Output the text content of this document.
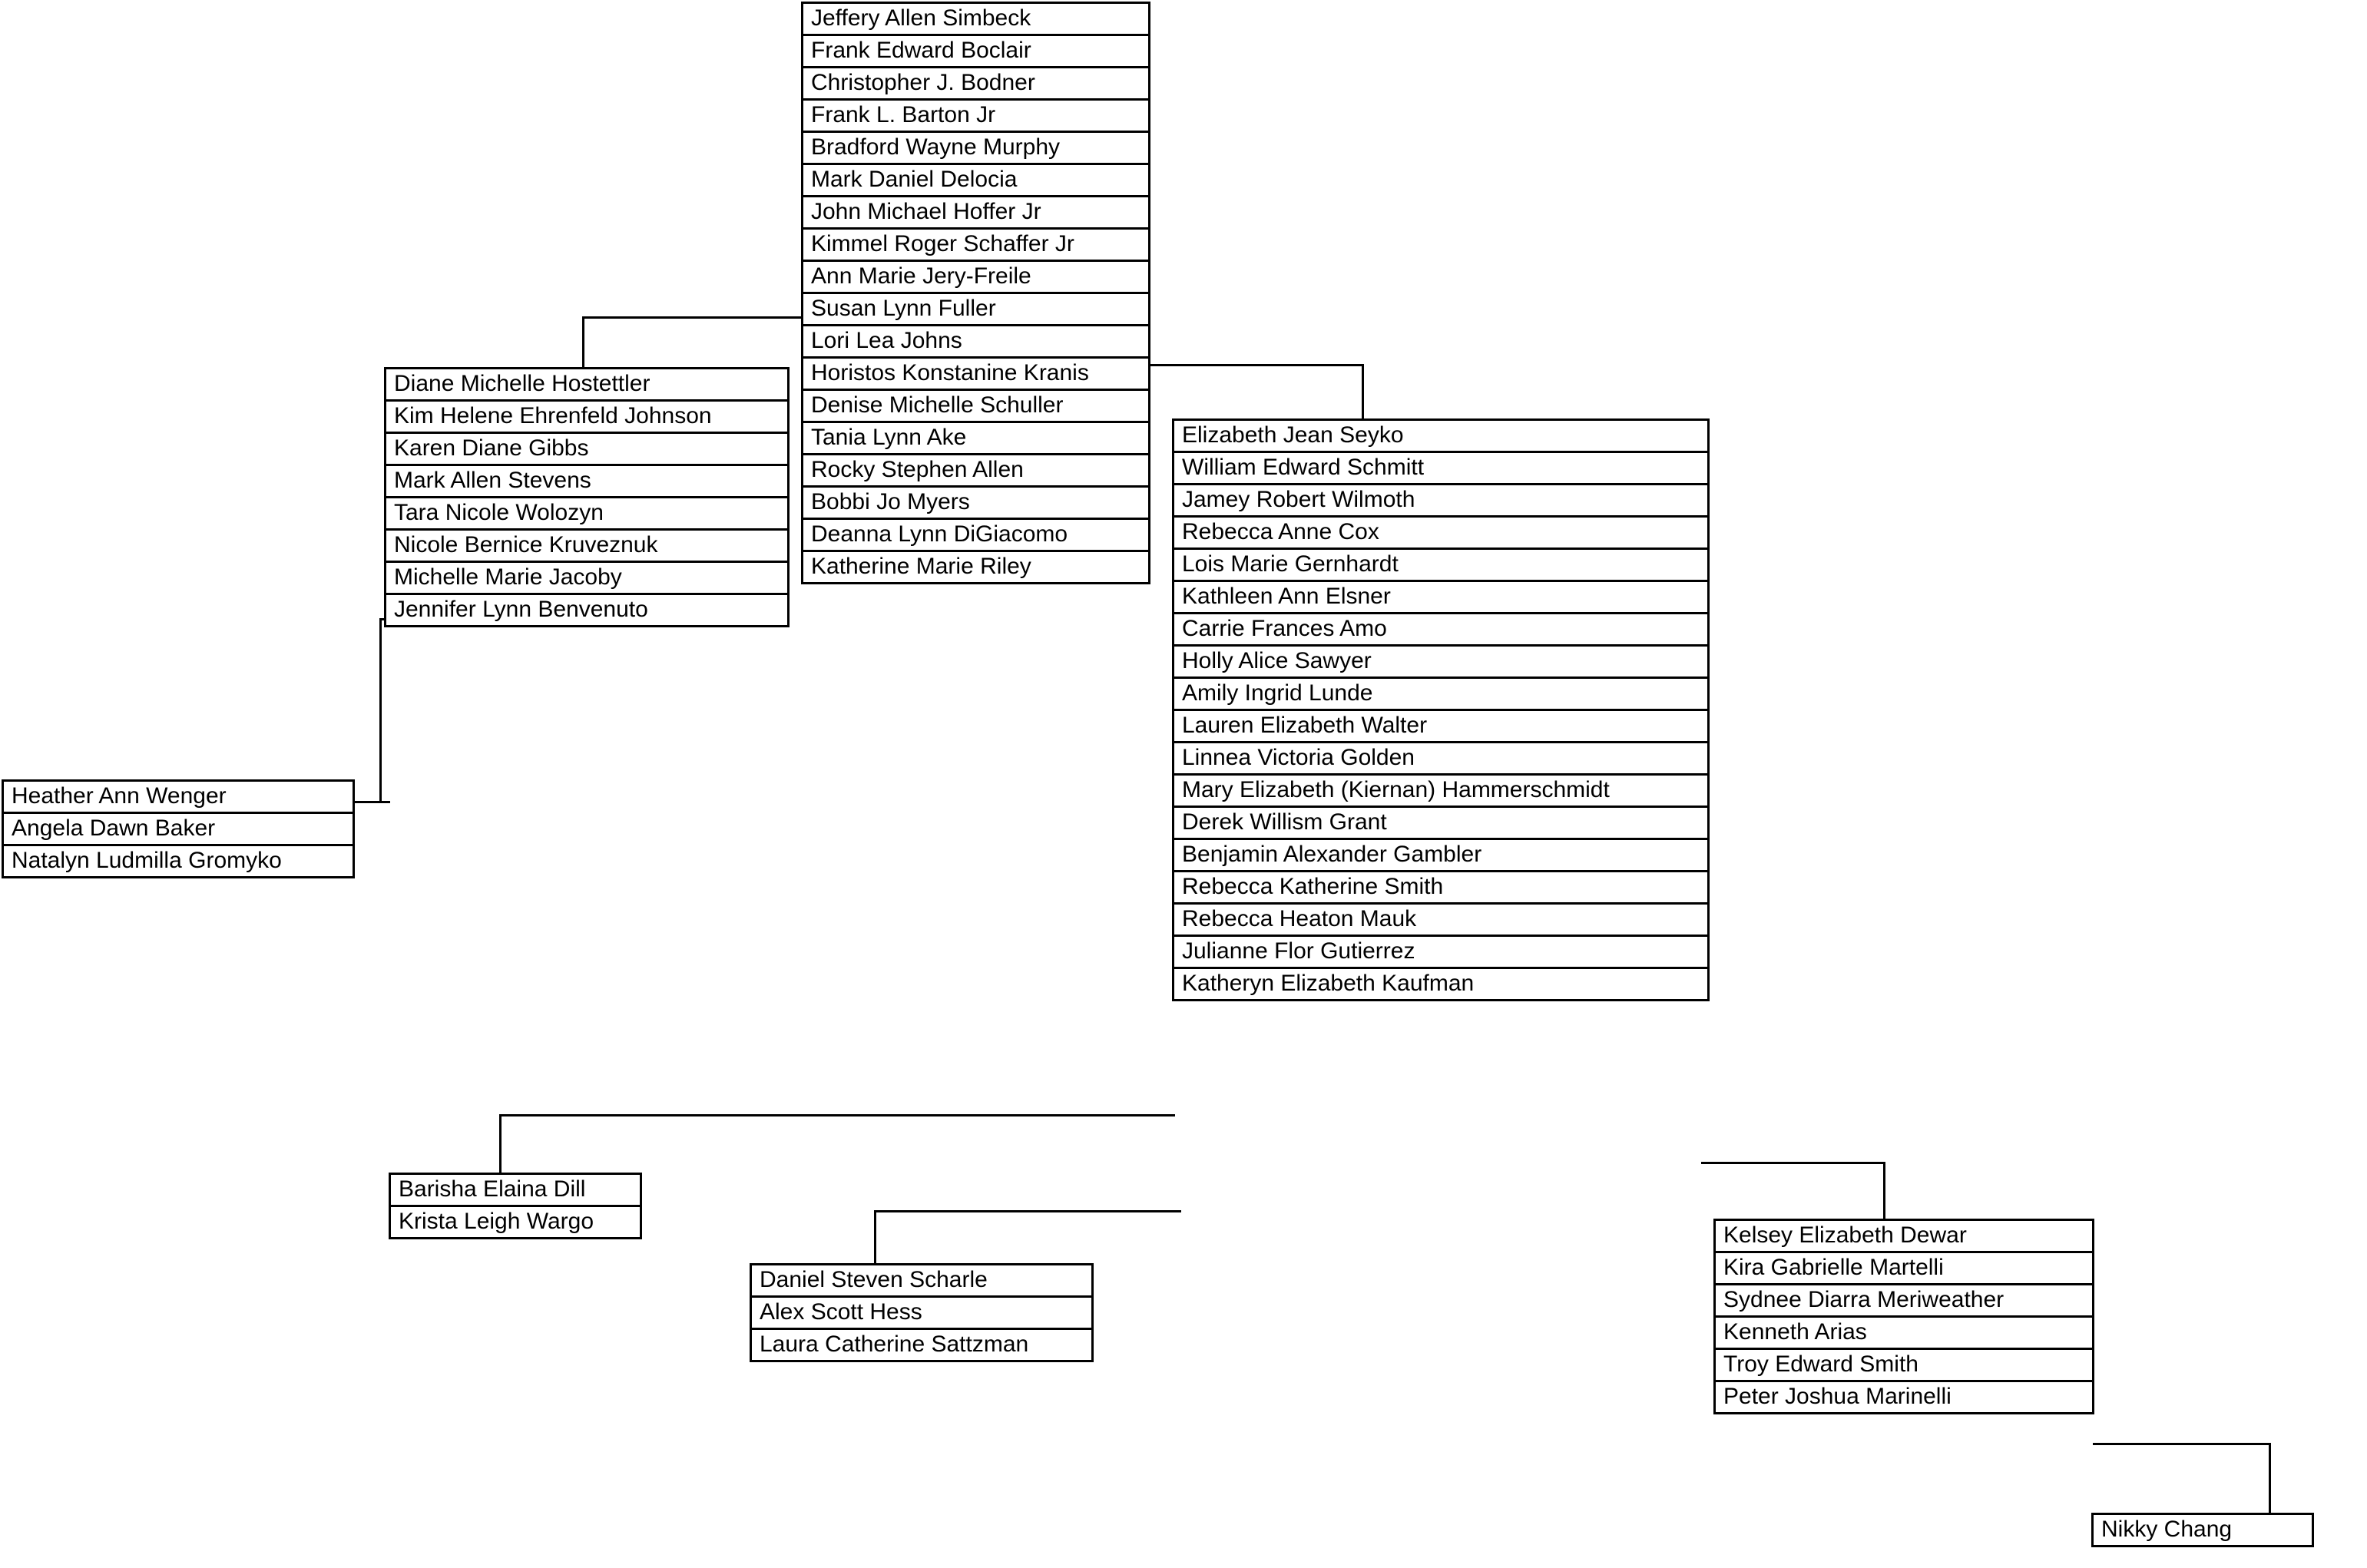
Jeffery Allen Simbeck
Frank Edward Boclair
Christopher J. Bodner
Frank L. Barton Jr
Bradford Wayne Murphy
Mark Daniel Delocia
John Michael Hoffer Jr
Kimmel Roger Schaffer Jr
Ann Marie Jery-Freile
Susan Lynn Fuller
Lori Lea Johns
Horistos Konstanine Kranis
Denise Michelle Schuller
Tania Lynn Ake
Rocky Stephen Allen
Bobbi Jo Myers
Deanna Lynn DiGiacomo
Katherine Marie Riley
Diane Michelle Hostettler
Kim Helene Ehrenfeld Johnson
Karen Diane Gibbs
Mark Allen Stevens
Tara Nicole Wolozyn
Nicole Bernice Kruveznuk
Michelle Marie Jacoby
Jennifer Lynn Benvenuto
Heather Ann Wenger
Angela Dawn Baker
Natalyn Ludmilla Gromyko
Elizabeth Jean Seyko
William Edward Schmitt
Jamey Robert Wilmoth
Rebecca Anne Cox
Lois Marie Gernhardt
Kathleen Ann Elsner
Carrie Frances Amo
Holly Alice Sawyer
Amily Ingrid Lunde
Lauren Elizabeth Walter
Linnea Victoria Golden
Mary Elizabeth (Kiernan) Hammerschmidt
Derek Willism Grant
Benjamin Alexander Gambler
Rebecca Katherine Smith
Rebecca Heaton Mauk
Julianne Flor Gutierrez
Katheryn Elizabeth Kaufman
Barisha Elaina Dill
Krista Leigh Wargo
Daniel Steven Scharle
Alex Scott Hess
Laura Catherine Sattzman
Kelsey Elizabeth Dewar
Kira Gabrielle Martelli
Sydnee Diarra Meriweather
Kenneth Arias
Troy Edward Smith
Peter Joshua Marinelli
Nikky Chang
